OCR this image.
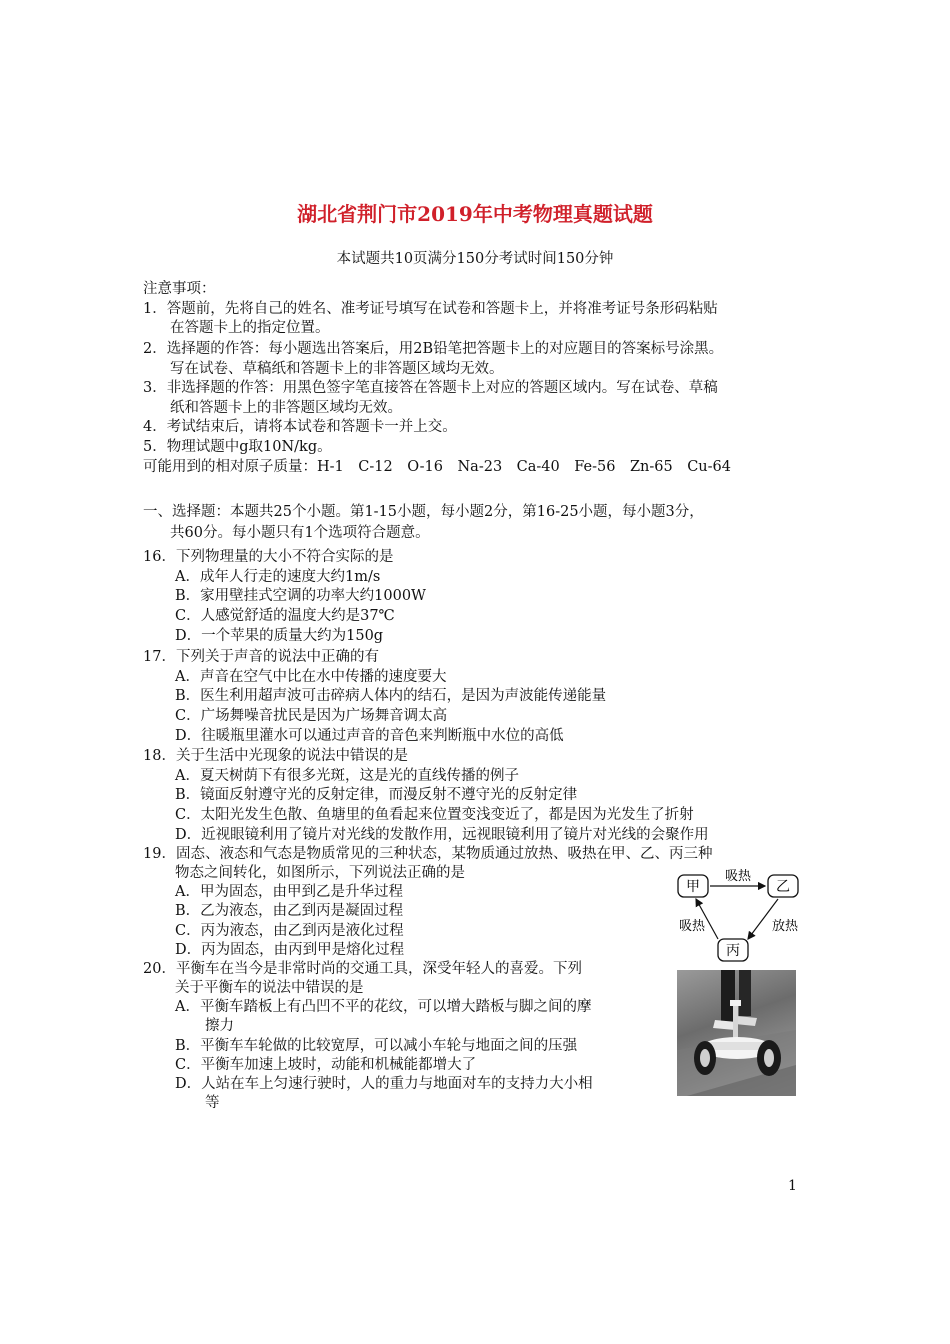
湖北省荆门市2019年中考物理真题试题
本试题共10页满分150分考试时间150分钟
注意事项：
1．答题前，先将自己的姓名、准考证号填写在试卷和答题卡上，并将准考证号条形码粘贴
在答题卡上的指定位置。
2．选择题的作答：每小题选出答案后，用2B铅笔把答题卡上的对应题目的答案标号涂黑。
写在试卷、草稿纸和答题卡上的非答题区域均无效。
3．非选择题的作答：用黑色签字笔直接答在答题卡上对应的答题区域内。写在试卷、草稿
纸和答题卡上的非答题区域均无效。
4．考试结束后，请将本试卷和答题卡一并上交。
5．物理试题中g取10N/kg。
可能用到的相对原子质量：H-1　C-12　O-16　Na-23　Ca-40　Fe-56　Zn-65　Cu-64
一、选择题：本题共25个小题。第1-15小题，每小题2分，第16-25小题，每小题3分，
共60分。每小题只有1个选项符合题意。
16．下列物理量的大小不符合实际的是
A．成年人行走的速度大约1m/s
B．家用壁挂式空调的功率大约1000W
C．人感觉舒适的温度大约是37℃
D．一个苹果的质量大约为150g
17．下列关于声音的说法中正确的有
A．声音在空气中比在水中传播的速度要大
B．医生利用超声波可击碎病人体内的结石，是因为声波能传递能量
C．广场舞噪音扰民是因为广场舞音调太高
D．往暖瓶里灌水可以通过声音的音色来判断瓶中水位的高低
18．关于生活中光现象的说法中错误的是
A．夏天树荫下有很多光斑，这是光的直线传播的例子
B．镜面反射遵守光的反射定律，而漫反射不遵守光的反射定律
C．太阳光发生色散、鱼塘里的鱼看起来位置变浅变近了，都是因为光发生了折射
D．近视眼镜利用了镜片对光线的发散作用，远视眼镜利用了镜片对光线的会聚作用
19．固态、液态和气态是物质常见的三种状态，某物质通过放热、吸热在甲、乙、丙三种
物态之间转化，如图所示，下列说法正确的是
A．甲为固态，由甲到乙是升华过程
B．乙为液态，由乙到丙是凝固过程
C．丙为液态，由乙到丙是液化过程
D．丙为固态，由丙到甲是熔化过程
甲	乙
丙
吸热
放热
吸热
20．平衡车在当今是非常时尚的交通工具，深受年轻人的喜爱。下列
关于平衡车的说法中错误的是
A．平衡车踏板上有凸凹不平的花纹，可以增大踏板与脚之间的摩
擦力
B．平衡车车轮做的比较宽厚，可以减小车轮与地面之间的压强
C．平衡车加速上坡时，动能和机械能都增大了
D．人站在车上匀速行驶时，人的重力与地面对车的支持力大小相
等
1
